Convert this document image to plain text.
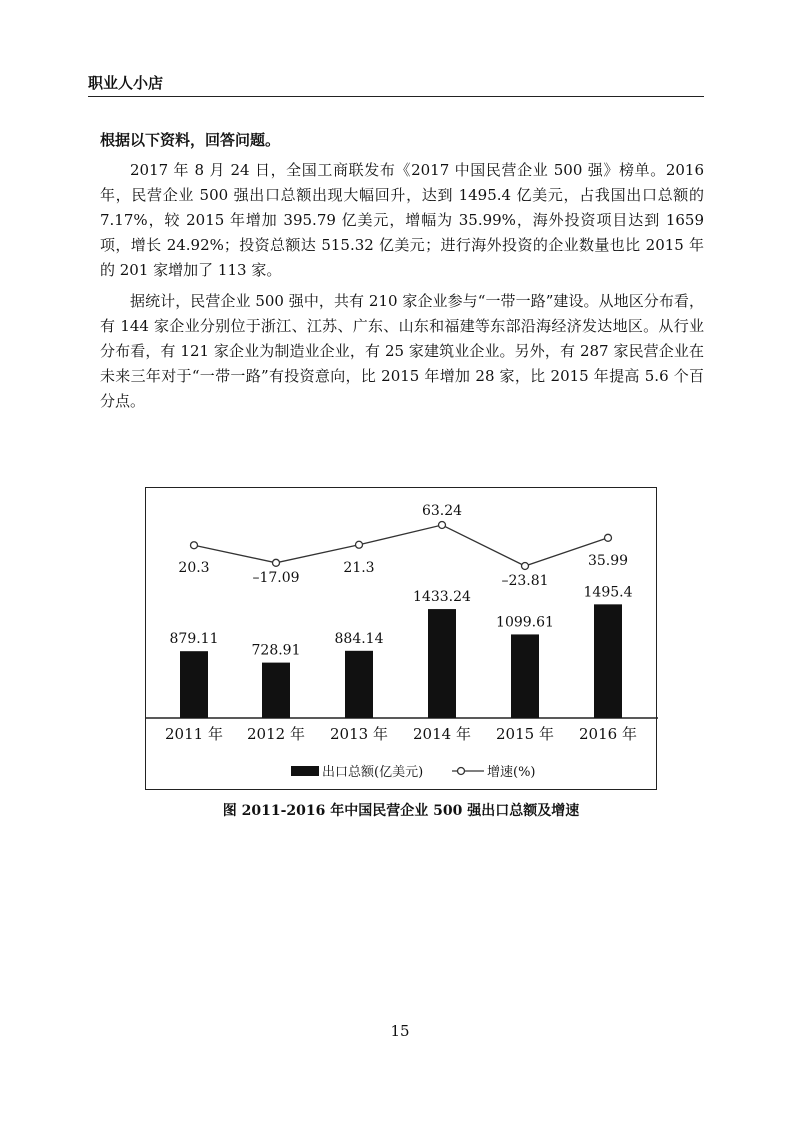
职业人小店

根据以下资料，回答问题。

2017 年 8 月 24 日，全国工商联发布《2017 中国民营企业 500 强》榜单。2016 年，民营企业 500 强出口总额出现大幅回升，达到 1495.4 亿美元，占我国出口总额的 7.17%，较 2015 年增加 395.79 亿美元，增幅为 35.99%，海外投资项目达到 1659 项，增长 24.92%；投资总额达 515.32 亿美元；进行海外投资的企业数量也比 2015 年的 201 家增加了 113 家。

据统计，民营企业 500 强中，共有 210 家企业参与“一带一路”建设。从地区分布看，有 144 家企业分别位于浙江、江苏、广东、山东和福建等东部沿海经济发达地区。从行业分布看，有 121 家企业为制造业企业，有 25 家建筑业企业。另外，有 287 家民营企业在未来三年对于“一带一路”有投资意向，比 2015 年增加 28 家，比 2015 年提高 5.6 个百分点。

879.11
728.91
884.14
1433.24
1099.61
1495.4
2011 年 2012 年 2013 年 2014 年 2015 年 2016 年
20.3
–17.09
21.3
63.24
–23.81
35.99
出口总额(亿美元)	增速(%)
图 2011-2016 年中国民营企业 500 强出口总额及增速
15
